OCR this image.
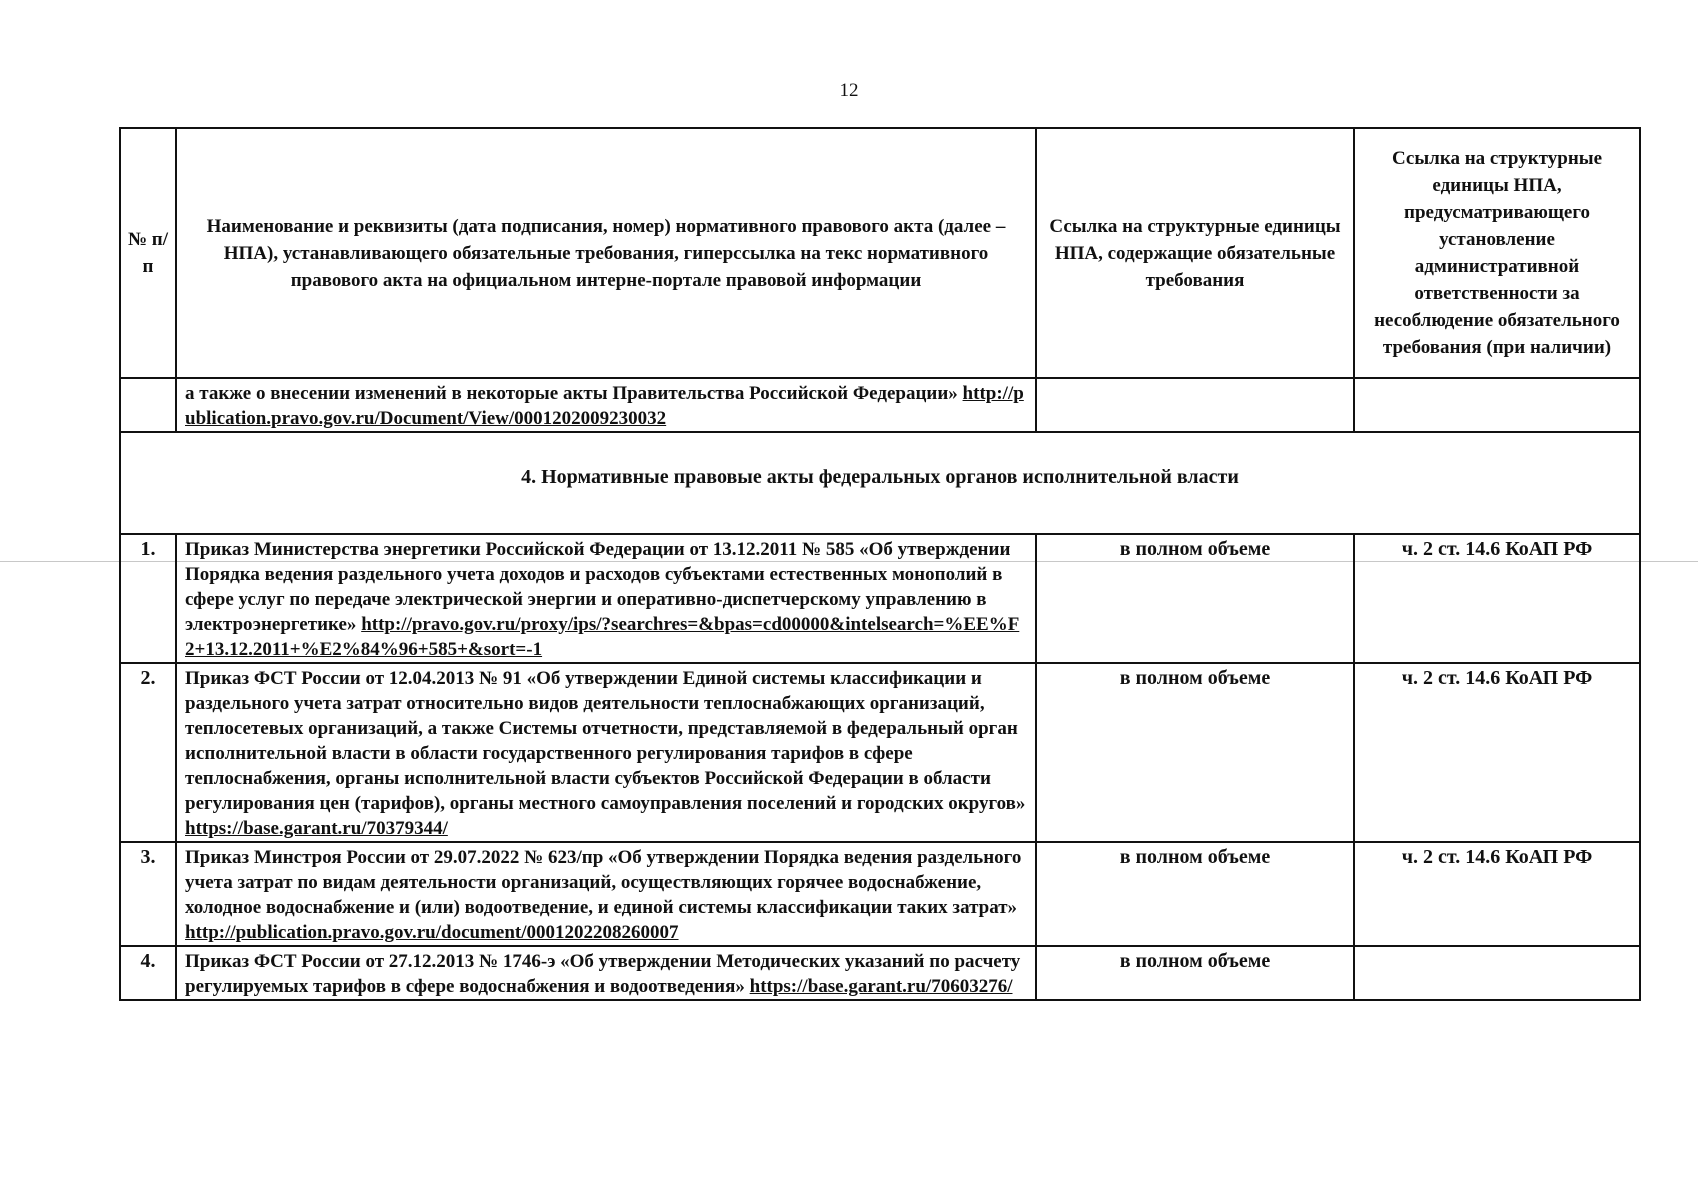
12
№ п/п	Наименование и реквизиты (дата подписания, номер) нормативного правового акта (далее – НПА), устанавливающего обязательные требования, гиперссылка на текс нормативного правового акта на официальном интерне-портале правовой информации	Ссылка на структурные единицы НПА, содержащие обязательные требования	Ссылка на структурные единицы НПА, предусматривающего установление административной ответственности за несоблюдение обязательного требования (при наличии)
	а также о внесении изменений в некоторые акты Правительства Российской Федерации» http://publication.pravo.gov.ru/Document/View/0001202009230032		
4. Нормативные правовые акты федеральных органов исполнительной власти			
1.	Приказ Министерства энергетики Российской Федерации от 13.12.2011 № 585 «Об утверждении Порядка ведения раздельного учета доходов и расходов субъектами естественных монополий в сфере услуг по передаче электрической энергии и оперативно-диспетчерскому управлению в электроэнергетике» http://pravo.gov.ru/proxy/ips/?searchres=&bpas=cd00000&intelsearch=%EE%F2+13.12.2011+%E2%84%96+585+&sort=-1	в полном объеме	ч. 2 ст. 14.6 КоАП РФ
2.	Приказ ФСТ России от 12.04.2013 № 91 «Об утверждении Единой системы классификации и раздельного учета затрат относительно видов деятельности теплоснабжающих организаций, теплосетевых организаций, а также Системы отчетности, представляемой в федеральный орган исполнительной власти в области государственного регулирования тарифов в сфере теплоснабжения, органы исполнительной власти субъектов Российской Федерации в области регулирования цен (тарифов), органы местного самоуправления поселений и городских округов» https://base.garant.ru/70379344/	в полном объеме	ч. 2 ст. 14.6 КоАП РФ
3.	Приказ Минстроя России от 29.07.2022 № 623/пр «Об утверждении Порядка ведения раздельного учета затрат по видам деятельности организаций, осуществляющих горячее водоснабжение, холодное водоснабжение и (или) водоотведение, и единой системы классификации таких затрат» http://publication.pravo.gov.ru/document/0001202208260007	в полном объеме	ч. 2 ст. 14.6 КоАП РФ
4.	Приказ ФСТ России от 27.12.2013 № 1746-э «Об утверждении Методических указаний по расчету регулируемых тарифов в сфере водоснабжения и водоотведения» https://base.garant.ru/70603276/	в полном объеме	
